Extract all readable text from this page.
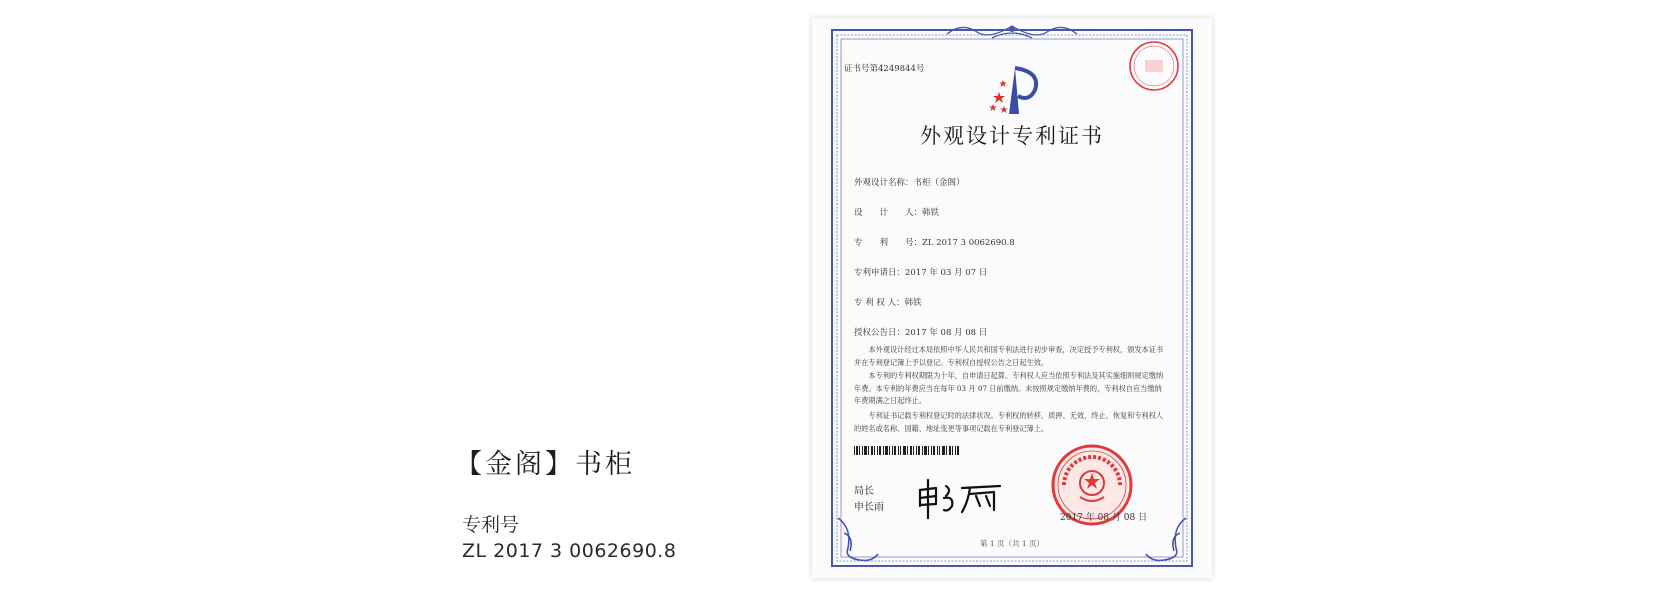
【金阁】书柜
专利号
ZL 2017 3 0062690.8
证书号第4249844号
外观设计专利证书
外观设计名称：书柜（金阁）
设　　计　　人：韩铁
专　　利　　号：ZL 2017 3 0062690.8
专利申请日：2017 年 03 月 07 日
专 利 权 人：韩铁
授权公告日：2017 年 08 月 08 日
本外观设计经过本局依照中华人民共和国专利法进行初步审查，决定授予专利权，颁发本证书并在专利登记簿上予以登记。专利权自授权公告之日起生效。
本专利的专利权期限为十年，自申请日起算。专利权人应当依照专利法及其实施细则规定缴纳年费。本专利的年费应当在每年 03 月 07 日前缴纳。未按照规定缴纳年费的，专利权自应当缴纳年费期满之日起终止。
专利证书记载专利权登记时的法律状况。专利权的转移、质押、无效、终止、恢复和专利权人的姓名或名称、国籍、地址变更等事项记载在专利登记簿上。
局长
申长雨
2017 年 08 月 08 日
第 1 页（共 1 页）
